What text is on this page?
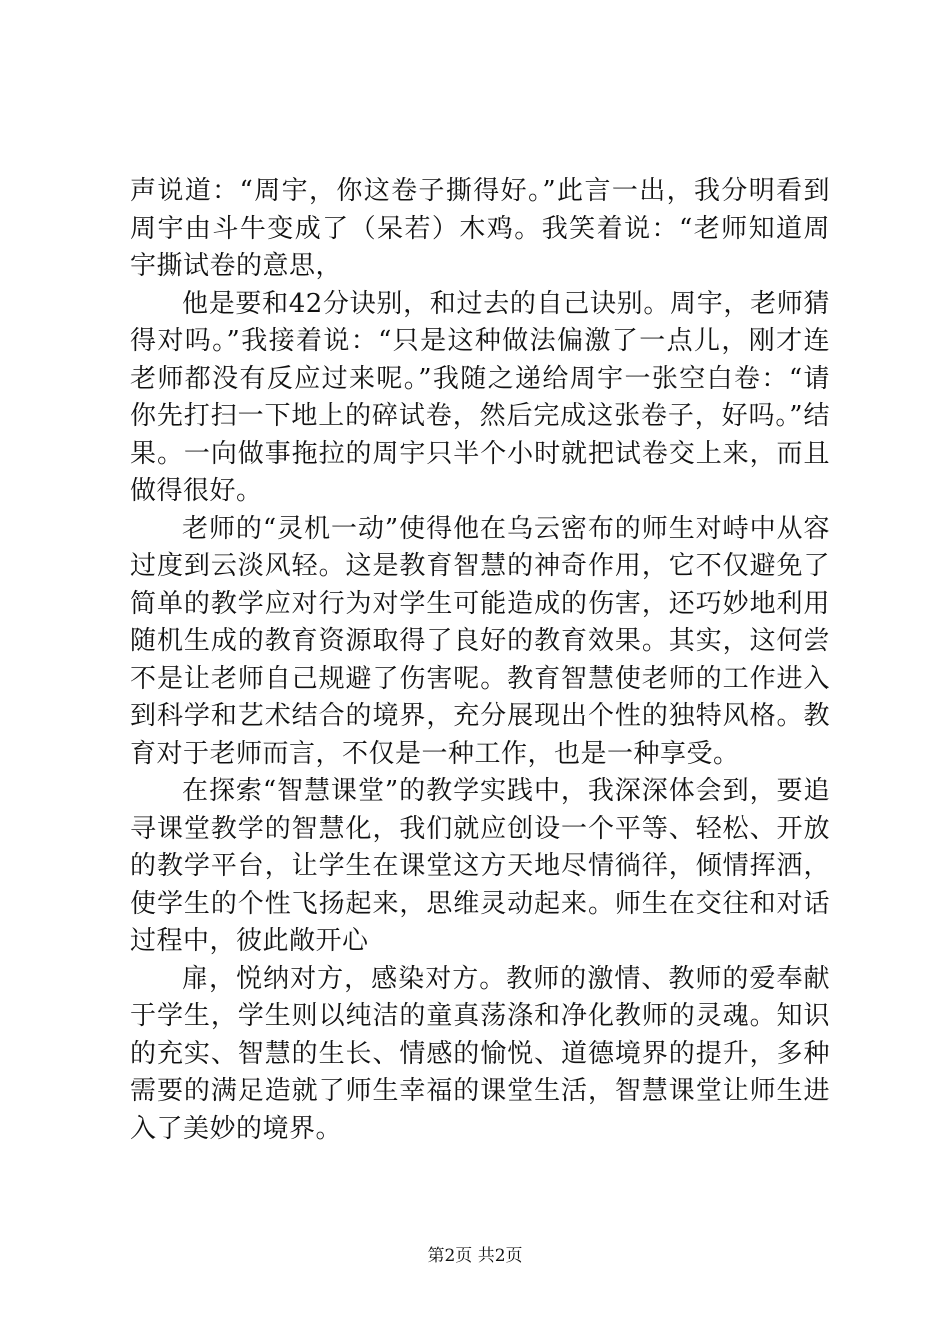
声说道：“周宇，你这卷子撕得好。”此言一出，我分明看到周宇由斗牛变成了（呆若）木鸡。我笑着说：“老师知道周宇撕试卷的意思，

他是要和42分诀别，和过去的自己诀别。周宇，老师猜得对吗。”我接着说：“只是这种做法偏激了一点儿，刚才连老师都没有反应过来呢。”我随之递给周宇一张空白卷：“请你先打扫一下地上的碎试卷，然后完成这张卷子，好吗。”结果。一向做事拖拉的周宇只半个小时就把试卷交上来，而且做得很好。

老师的“灵机一动”使得他在乌云密布的师生对峙中从容过度到云淡风轻。这是教育智慧的神奇作用，它不仅避免了简单的教学应对行为对学生可能造成的伤害，还巧妙地利用随机生成的教育资源取得了良好的教育效果。其实，这何尝不是让老师自己规避了伤害呢。教育智慧使老师的工作进入到科学和艺术结合的境界，充分展现出个性的独特风格。教育对于老师而言，不仅是一种工作，也是一种享受。

在探索“智慧课堂”的教学实践中，我深深体会到，要追寻课堂教学的智慧化，我们就应创设一个平等、轻松、开放的教学平台，让学生在课堂这方天地尽情徜徉，倾情挥洒，使学生的个性飞扬起来，思维灵动起来。师生在交往和对话过程中，彼此敞开心

扉，悦纳对方，感染对方。教师的激情、教师的爱奉献于学生，学生则以纯洁的童真荡涤和净化教师的灵魂。知识的充实、智慧的生长、情感的愉悦、道德境界的提升，多种需要的满足造就了师生幸福的课堂生活，智慧课堂让师生进入了美妙的境界。

第2页 共2页
